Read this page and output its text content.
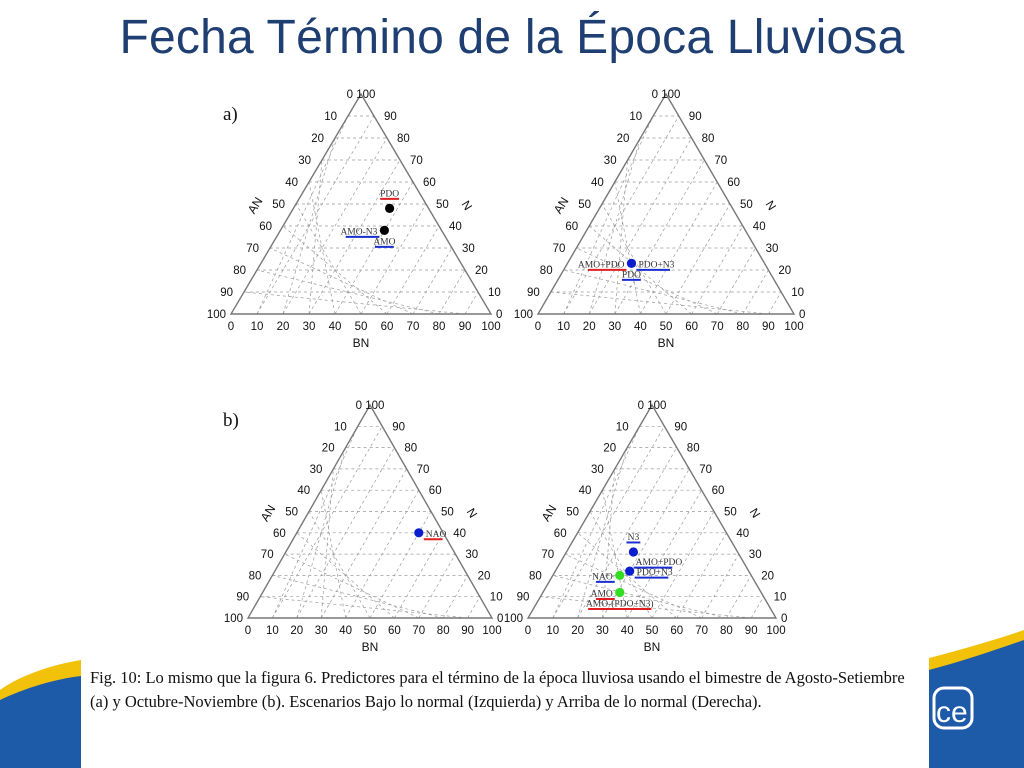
ce
Fecha Término de la Época Lluviosa
0 10 20 30 40 50 60 70 80 90 100
10
20
30
40
50
60
70
80
90
90
80
70
60
50
40
30
20
10
0 100
100	0
BN
AN	N
a)
PDO
AMO-N3
AMO
0 10 20 30 40 50 60 70 80 90 100
10
20
30
40
50
60
70
80
90
90
80
70
60
50
40
30
20
10
0 100
100	0
BN
AN	N
AMO+PDO PDO+N3
PDO
0 10 20 30 40 50 60 70 80 90 100
10
20
30
40
50
60
70
80
90
90
80
70
60
50
40
30
20
10
0 100
100	0
BN
AN	N
b)
NAO
0 10 20 30 40 50 60 70 80 90 100
10
20
30
40
50
60
70
80
90
90
80
70
60
50
40
30
20
10
0 100
100	0
BN
AN	N
N3
AMO+PDO
PDO+N3
NAO
AMO
AMO-(PDO+N3)
Fig. 10: Lo mismo que la figura 6. Predictores para el término de la época lluviosa usando el bimestre de Agosto-Setiembre (a) y Octubre-Noviembre (b). Escenarios Bajo lo normal (Izquierda) y Arriba de lo normal (Derecha).
